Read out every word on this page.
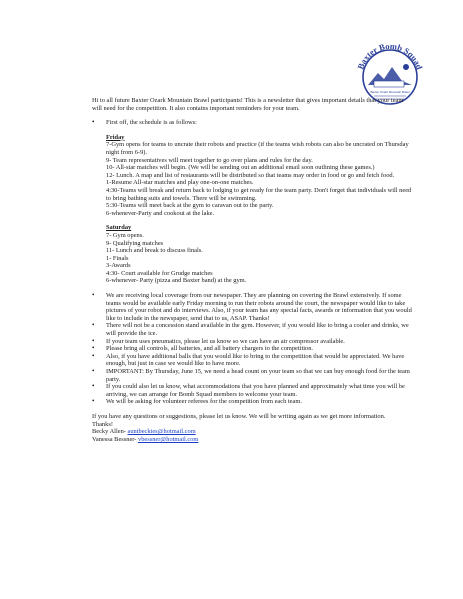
Baxter Bomb Squad
Baxter Ozark Mountain Brawl

Hi to all future Baxter Ozark Mountain Brawl participants! This is a newsletter that gives important details that your team will need for the competition. It also contains important reminders for your team.

• First off, the schedule is as follows:
Friday
7-Gym opens for teams to uncrate their robots and practice (if the teams wish robots can also be uncrated on Thursday night from 6-9).
9- Team representatives will meet together to go over plans and rules for the day.
10- All-star matches will begin. (We will be sending out an additional email soon outlining these games.)
12- Lunch. A map and list of restaurants will be distributed so that teams may order in food or go and fetch food.
1-Resume All-star matches and play one-on-one matches.
4:30-Teams will break and return back to lodging to get ready for the team party. Don't forget that individuals will need to bring bathing suits and towels. There will be swimming.
5:30-Teams will meet back at the gym to caravan out to the party.
6-whenever-Party and cookout at the lake.
Saturday
7- Gym opens.
9- Qualifying matches
11- Lunch and break to discuss finals.
1- Finals
3-Awards
4:30- Court available for Grudge matches
6-whenever- Party (pizza and Baxter band) at the gym.
• We are receiving local coverage from our newspaper. They are planning on covering the Brawl extensively. If some teams would be available early Friday morning to run their robots around the court, the newspaper would like to take pictures of your robot and do interviews. Also, if your team has any special facts, awards or information that you would like to include in the newspaper, send that to us, ASAP. Thanks!
• There will not be a concession stand available in the gym. However, if you would like to bring a cooler and drinks, we will provide the ice.
• If your team uses pneumatics, please let us know so we can have an air compressor available.
• Please bring all controls, all batteries, and all battery chargers to the competition.
• Also, if you have additional balls that you would like to bring to the competition that would be appreciated. We have enough, but just in case we would like to have more.
• IMPORTANT: By Thursday, June 15, we need a head count on your team so that we can buy enough food for the team party.
• If you could also let us know, what accommodations that you have planned and approximately what time you will be arriving, we can arrange for Bomb Squad members to welcome your team.
• We will be asking for volunteer referees for the competition from each team.

If you have any questions or suggestions, please let us know. We will be writing again as we get more information.

Thanks!

Becky Allen- auntbeckies@hotmail.com

Vanessa Bessner- vbessner@hotmail.com
